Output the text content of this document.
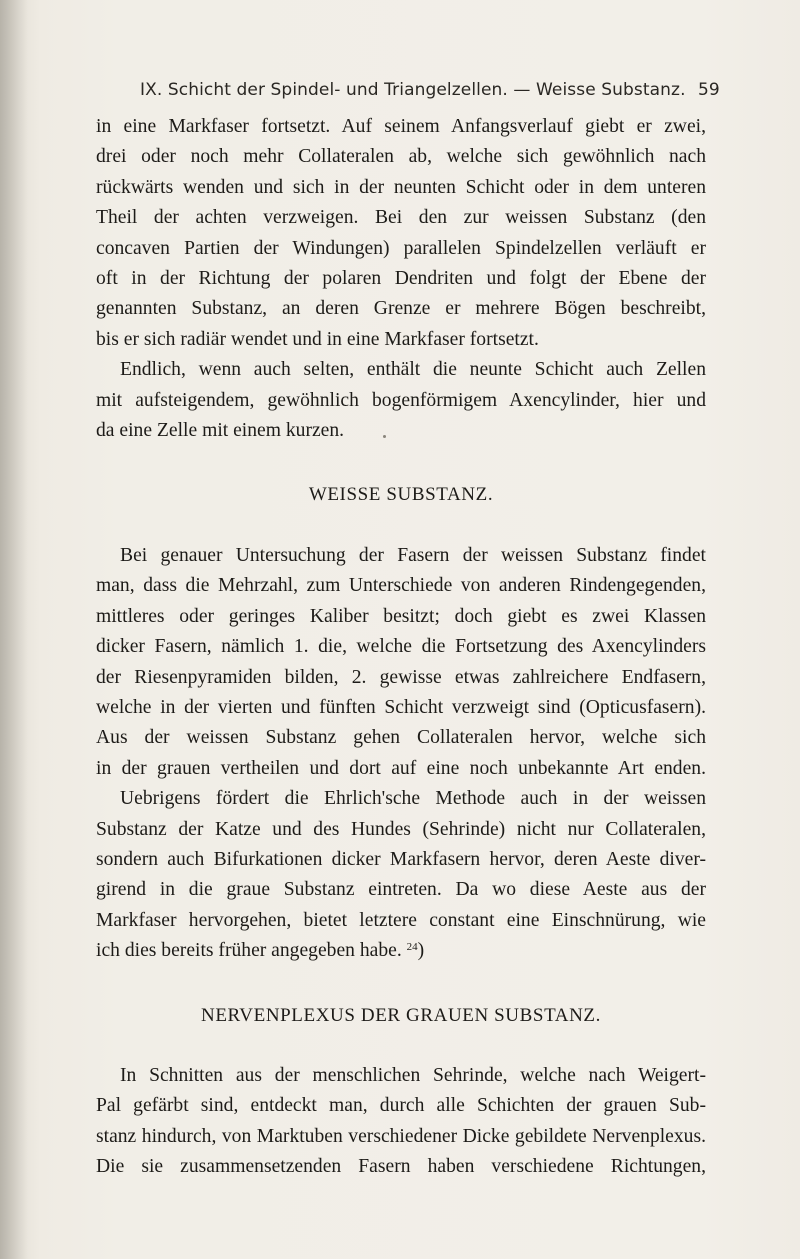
IX. Schicht der Spindel- und Triangelzellen. — Weisse Substanz. 59
in eine Markfaser fortsetzt. Auf seinem Anfangsverlauf giebt er zwei,
drei oder noch mehr Collateralen ab, welche sich gewöhnlich nach
rückwärts wenden und sich in der neunten Schicht oder in dem unteren
Theil der achten verzweigen. Bei den zur weissen Substanz (den
concaven Partien der Windungen) parallelen Spindelzellen verläuft er
oft in der Richtung der polaren Dendriten und folgt der Ebene der
genannten Substanz, an deren Grenze er mehrere Bögen beschreibt,
bis er sich radiär wendet und in eine Markfaser fortsetzt.
Endlich, wenn auch selten, enthält die neunte Schicht auch Zellen
mit aufsteigendem, gewöhnlich bogenförmigem Axencylinder, hier und
da eine Zelle mit einem kurzen.
WEISSE SUBSTANZ.
Bei genauer Untersuchung der Fasern der weissen Substanz findet
man, dass die Mehrzahl, zum Unterschiede von anderen Rindengegenden,
mittleres oder geringes Kaliber besitzt; doch giebt es zwei Klassen
dicker Fasern, nämlich 1. die, welche die Fortsetzung des Axencylinders
der Riesenpyramiden bilden, 2. gewisse etwas zahlreichere Endfasern,
welche in der vierten und fünften Schicht verzweigt sind (Opticusfasern).
Aus der weissen Substanz gehen Collateralen hervor, welche sich
in der grauen vertheilen und dort auf eine noch unbekannte Art enden.
Uebrigens fördert die Ehrlich'sche Methode auch in der weissen
Substanz der Katze und des Hundes (Sehrinde) nicht nur Collateralen,
sondern auch Bifurkationen dicker Markfasern hervor, deren Aeste diver-
girend in die graue Substanz eintreten. Da wo diese Aeste aus der
Markfaser hervorgehen, bietet letztere constant eine Einschnürung, wie
ich dies bereits früher angegeben habe. $^{24}$)
NERVENPLEXUS DER GRAUEN SUBSTANZ.
In Schnitten aus der menschlichen Sehrinde, welche nach Weigert-
Pal gefärbt sind, entdeckt man, durch alle Schichten der grauen Sub-
stanz hindurch, von Marktuben verschiedener Dicke gebildete Nervenplexus.
Die sie zusammensetzenden Fasern haben verschiedene Richtungen,
